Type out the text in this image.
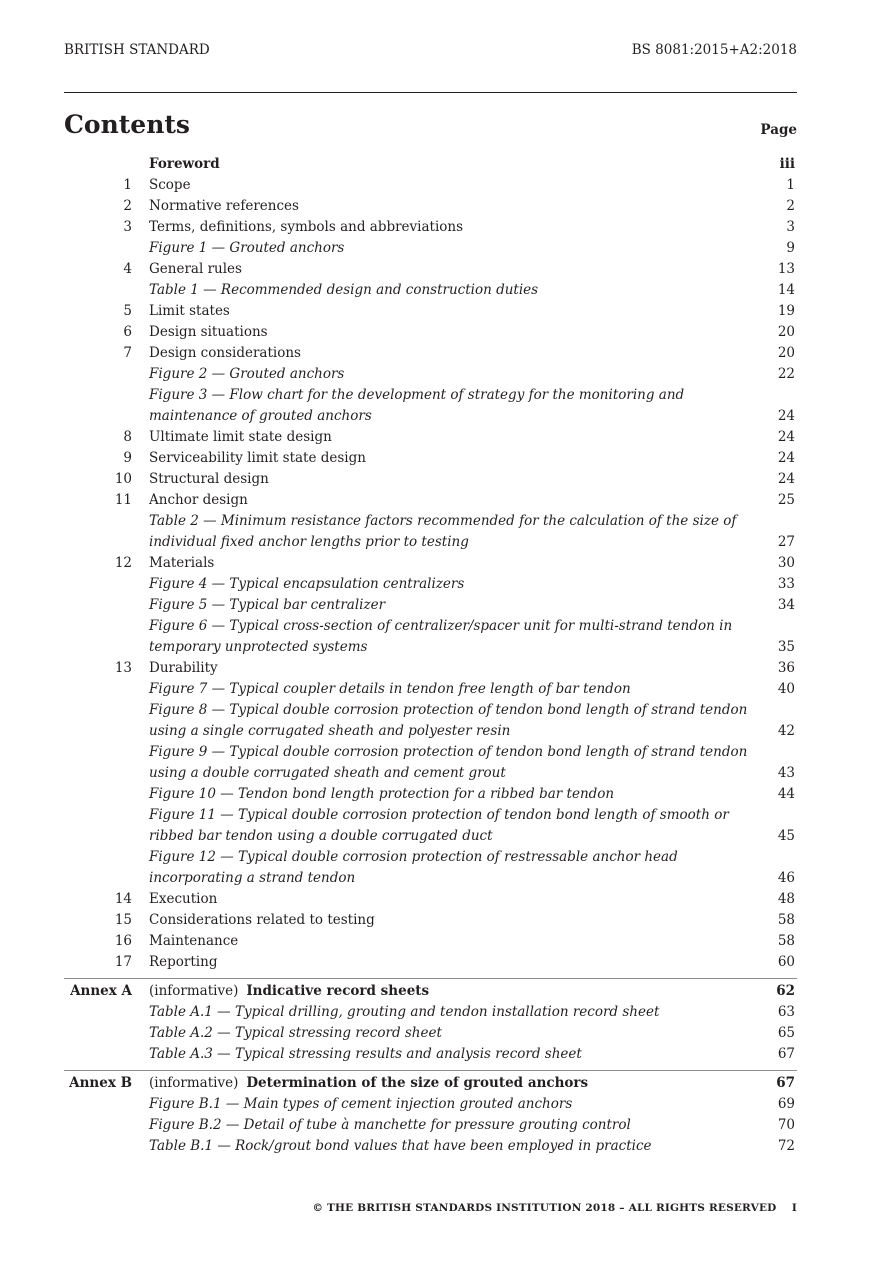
BRITISH STANDARD	BS 8081:2015+A2:2018
Contents	Page
Foreword	iii
1 Scope	1
2 Normative references	2
3 Terms, definitions, symbols and abbreviations	3
Figure 1 — Grouted anchors	9
4 General rules	13
Table 1 — Recommended design and construction duties	14
5 Limit states	19
6 Design situations	20
7 Design considerations	20
Figure 2 — Grouted anchors	22
Figure 3 — Flow chart for the development of strategy for the monitoring and maintenance of grouted anchors	24
8 Ultimate limit state design	24
9 Serviceability limit state design	24
10 Structural design	24
11 Anchor design	25
Table 2 — Minimum resistance factors recommended for the calculation of the size of individual fixed anchor lengths prior to testing	27
12 Materials	30
Figure 4 — Typical encapsulation centralizers	33
Figure 5 — Typical bar centralizer	34
Figure 6 — Typical cross-section of centralizer/spacer unit for multi-strand tendon in temporary unprotected systems	35
13 Durability	36
Figure 7 — Typical coupler details in tendon free length of bar tendon	40
Figure 8 — Typical double corrosion protection of tendon bond length of strand tendon using a single corrugated sheath and polyester resin	42
Figure 9 — Typical double corrosion protection of tendon bond length of strand tendon using a double corrugated sheath and cement grout	43
Figure 10 — Tendon bond length protection for a ribbed bar tendon	44
Figure 11 — Typical double corrosion protection of tendon bond length of smooth or ribbed bar tendon using a double corrugated duct	45
Figure 12 — Typical double corrosion protection of restressable anchor head incorporating a strand tendon	46
14 Execution	48
15 Considerations related to testing	58
16 Maintenance	58
17 Reporting	60
Annex A (informative) Indicative record sheets	62
Table A.1 — Typical drilling, grouting and tendon installation record sheet	63
Table A.2 — Typical stressing record sheet	65
Table A.3 — Typical stressing results and analysis record sheet	67
Annex B (informative) Determination of the size of grouted anchors	67
Figure B.1 — Main types of cement injection grouted anchors	69
Figure B.2 — Detail of tube à manchette for pressure grouting control	70
Table B.1 — Rock/grout bond values that have been employed in practice	72
© THE BRITISH STANDARDS INSTITUTION 2018 – ALL RIGHTS RESERVED    I
